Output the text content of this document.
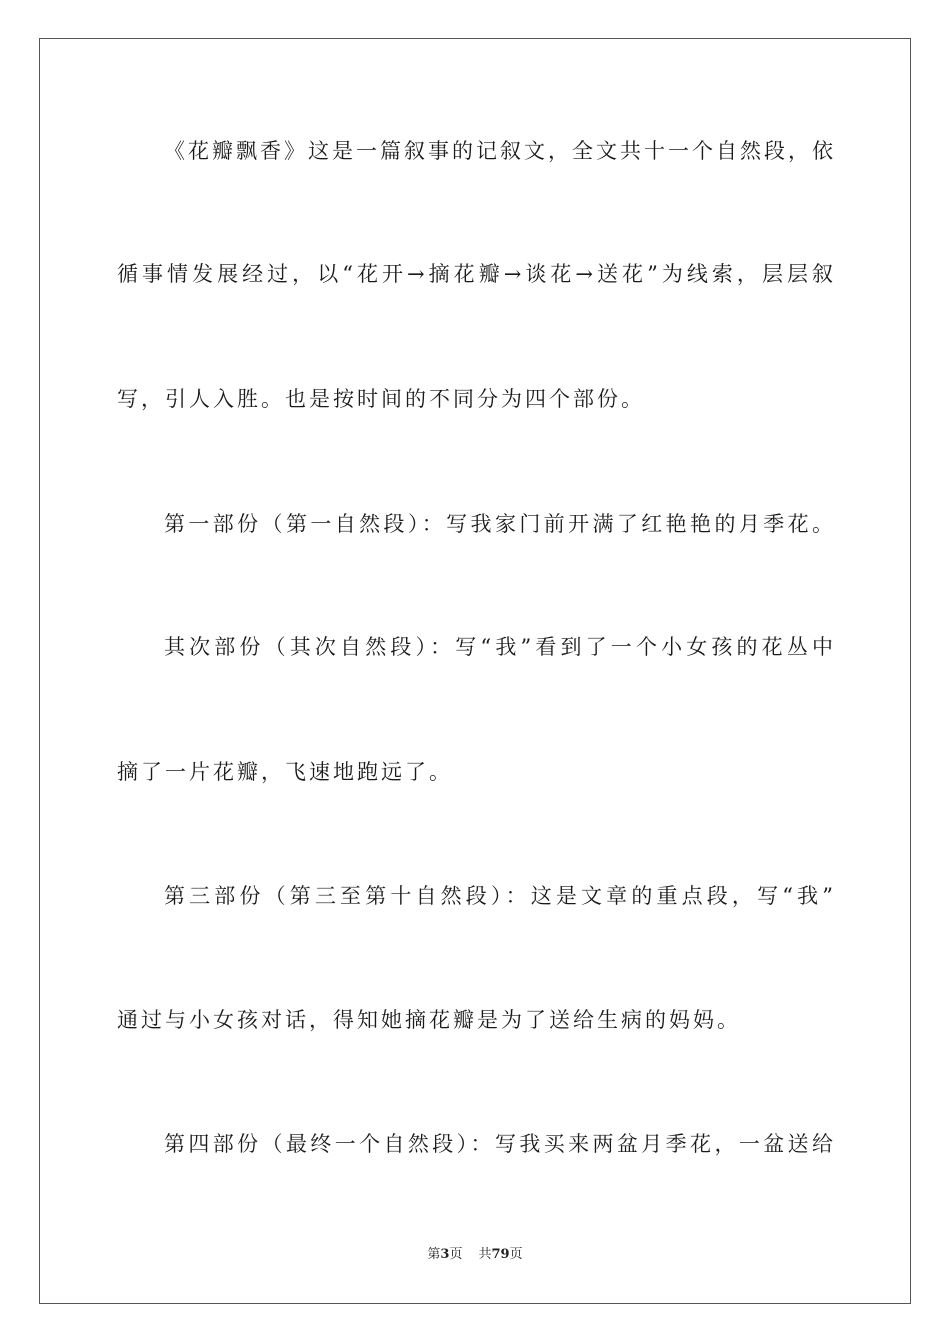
《花瓣飘香》这是一篇叙事的记叙文，全文共十一个自然段，依
循事情发展经过，以“花开→摘花瓣→谈花→送花”为线索，层层叙
写，引人入胜。也是按时间的不同分为四个部份。
第一部份（第一自然段）：写我家门前开满了红艳艳的月季花。
其次部份（其次自然段）：写“我”看到了一个小女孩的花丛中
摘了一片花瓣，飞速地跑远了。
第三部份（第三至第十自然段）：这是文章的重点段，写“我”
通过与小女孩对话，得知她摘花瓣是为了送给生病的妈妈。
第四部份（最终一个自然段）：写我买来两盆月季花，一盆送给
第3页 共79页
